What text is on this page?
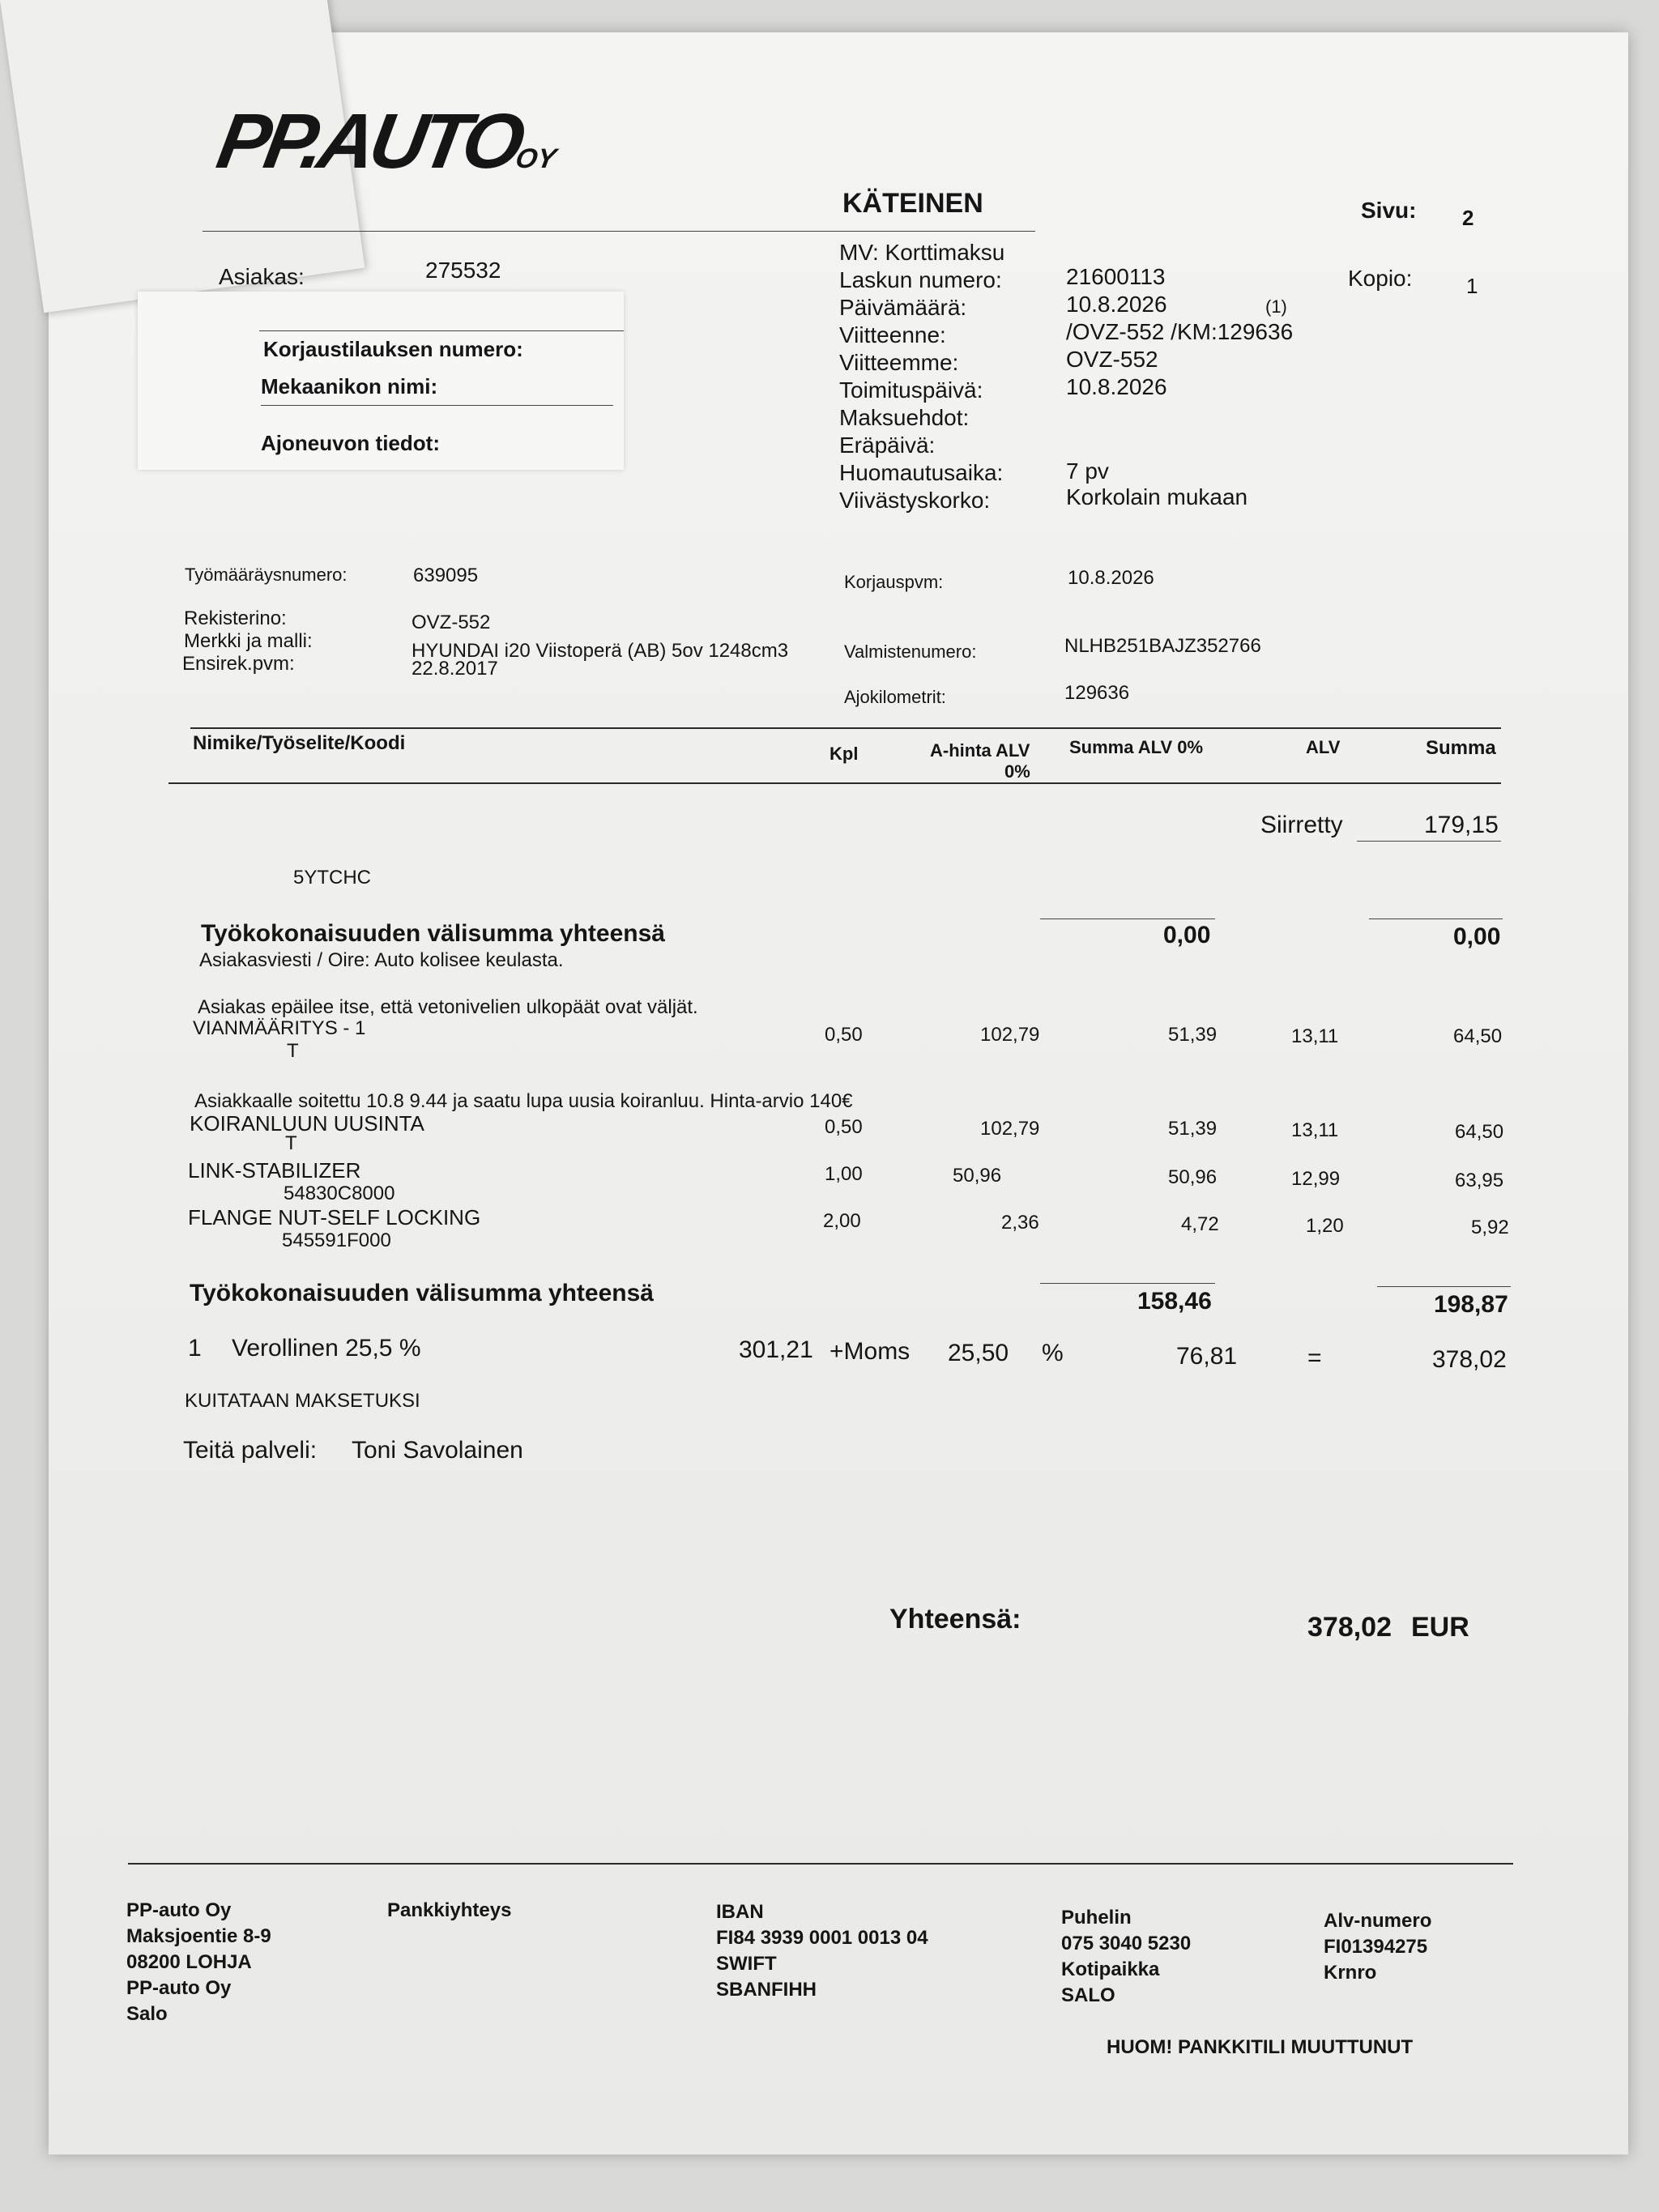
PP.AUTOOY
KÄTEINEN	Sivu: 2
Kopio:	1
Asiakas:	275532
Korjaustilauksen numero:
Mekaanikon nimi:
Ajoneuvon tiedot:
MV: Korttimaksu
Laskun numero:	21600113
Päivämäärä:	10.8.2026	(1)
Viitteenne:	/OVZ-552 /KM:129636
Viitteemme:	OVZ-552
Toimituspäivä:	10.8.2026
Maksuehdot:
Eräpäivä:
Huomautusaika:	7 pv
Viivästyskorko:	Korkolain mukaan
Työmääräysnumero:	639095	Korjauspvm:	10.8.2026
Rekisterino:	OVZ-552
Merkki ja malli:	HYUNDAI i20 Viistoperä (AB) 5ov 1248cm3
Ensirek.pvm:	22.8.2017
Valmistenumero:	NLHB251BAJZ352766
Ajokilometrit:	129636
Nimike/Työselite/Koodi	Kpl	A-hinta ALV
0%
Summa ALV 0%	ALV	Summa
Siirretty	179,15
5YTCHC
Työkokonaisuuden välisumma yhteensä	0,00	0,00
Asiakasviesti / Oire: Auto kolisee keulasta.
Asiakas epäilee itse, että vetonivelien ulkopäät ovat väljät.
VIANMÄÄRITYS - 1
T
0,50	102,79	51,39	13,11	64,50
Asiakkaalle soitettu 10.8 9.44 ja saatu lupa uusia koiranluu. Hinta-arvio 140€
KOIRANLUUN UUSINTA
T
0,50	102,79	51,39	13,11	64,50
LINK-STABILIZER
54830C8000
1,00	50,96	50,96	12,99	63,95
FLANGE NUT-SELF LOCKING
545591F000
2,00	2,36	4,72	1,20	5,92
Työkokonaisuuden välisumma yhteensä	158,46	198,87
1 Verollinen 25,5 %	301,21 +Moms 25,50 %	76,81	=	378,02
KUITATAAN MAKSETUKSI
Teitä palveli: Toni Savolainen
Yhteensä:	378,02 EUR
PP-auto Oy
Maksjoentie 8-9
08200 LOHJA
PP-auto Oy
Salo
Pankkiyhteys	IBAN
FI84 3939 0001 0013 04
SWIFT
SBANFIHH
Puhelin
075 3040 5230
Kotipaikka
SALO
Alv-numero
FI01394275
Krnro
HUOM! PANKKITILI MUUTTUNUT
